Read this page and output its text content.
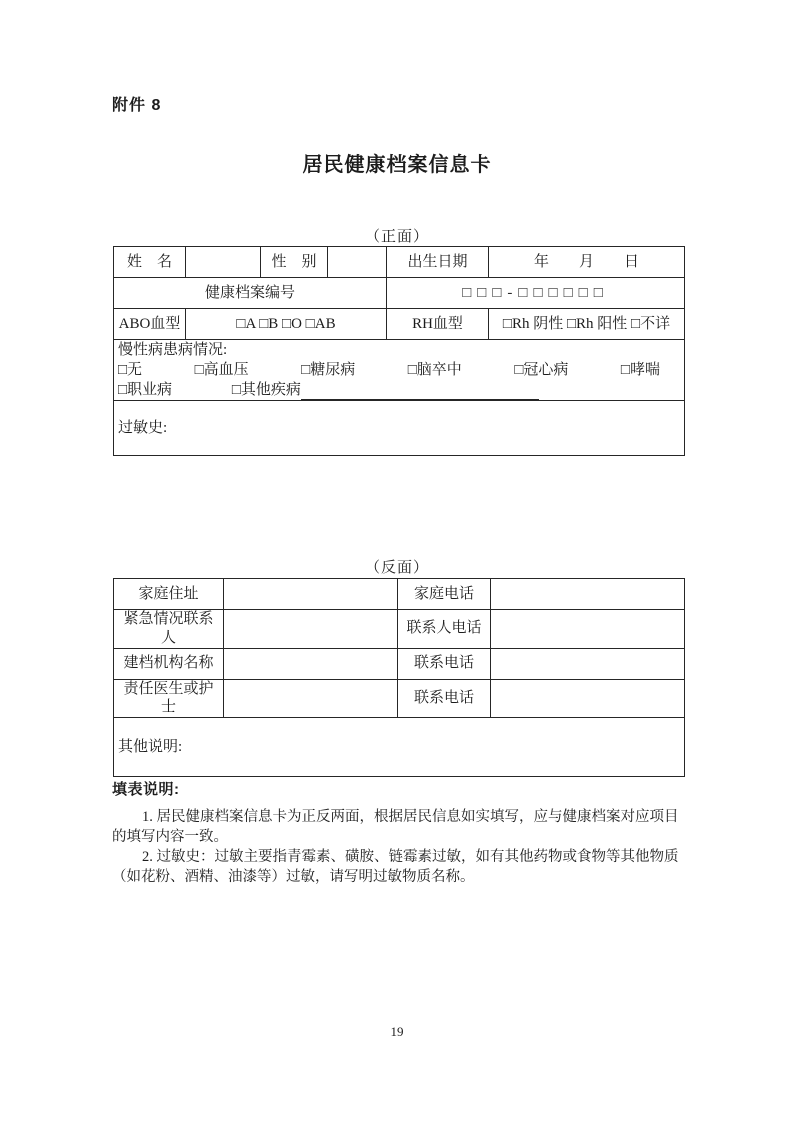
附件 8
居民健康档案信息卡
（正面）
姓　名		性　别		出生日期	年　　月　　日
健康档案编号				□□□-□□□□□□	
ABO血型	□A □B □O □AB			RH血型	□Rh 阴性 □Rh 阳性 □不详

慢性病患病情况:
□无	□高血压	□糖尿病	□脑卒中	□冠心病	□哮喘
□职业病	□其他疾病

过敏史:					
（反面）
家庭住址		家庭电话	
紧急情况联系人		联系人电话	
建档机构名称		联系电话	
责任医生或护士		联系电话	

其他说明:			
填表说明:
1. 居民健康档案信息卡为正反两面，根据居民信息如实填写，应与健康档案对应项目
的填写内容一致。
2. 过敏史：过敏主要指青霉素、磺胺、链霉素过敏，如有其他药物或食物等其他物质
（如花粉、酒精、油漆等）过敏，请写明过敏物质名称。
19
